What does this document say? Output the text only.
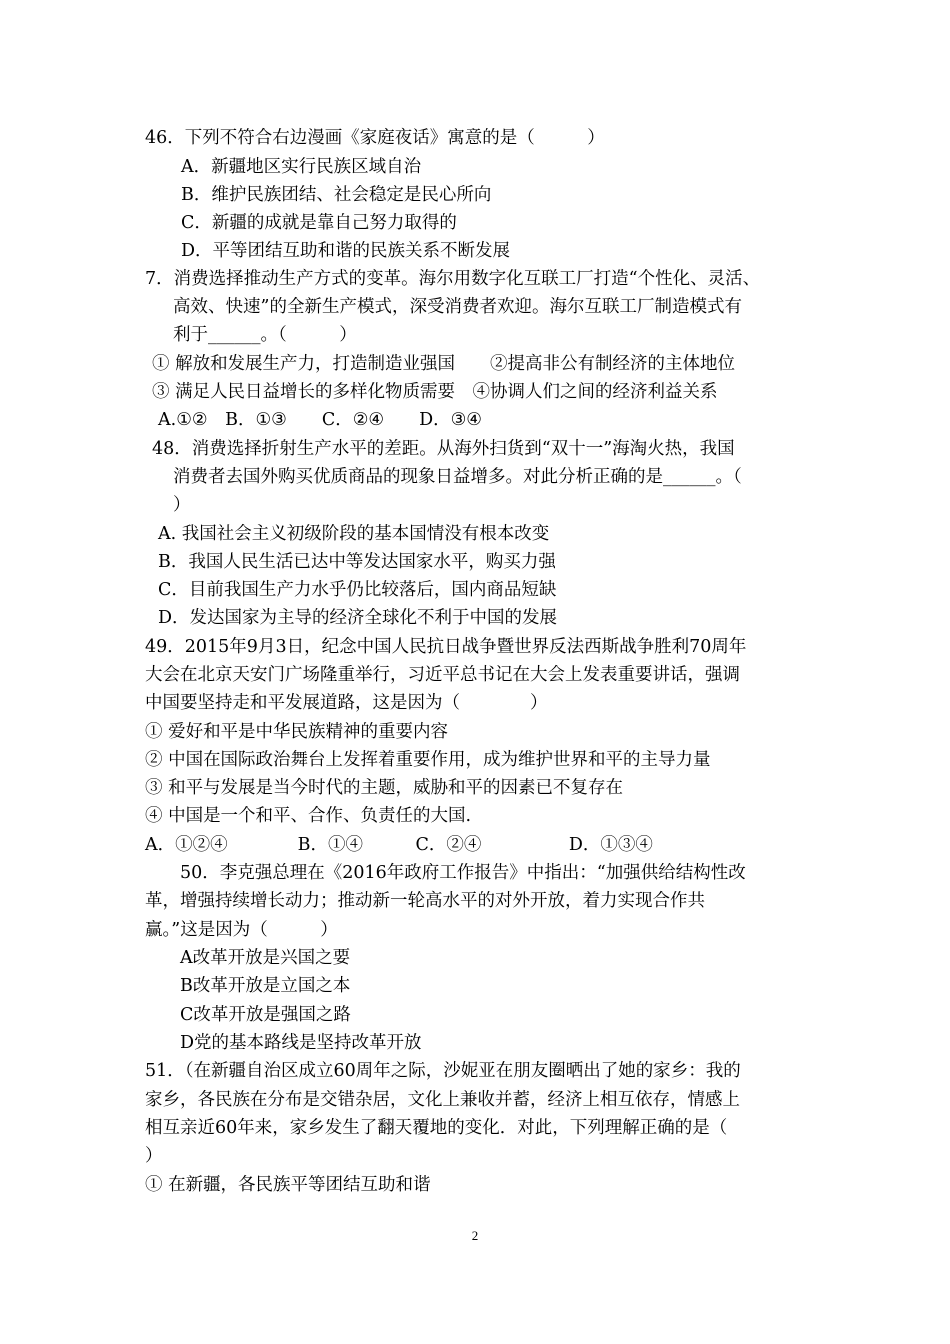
46．下列不符合右边漫画《家庭夜话》寓意的是（　　　）
A．新疆地区实行民族区域自治
B．维护民族团结、社会稳定是民心所向
C．新疆的成就是靠自己努力取得的
D．平等团结互助和谐的民族关系不断发展
7．消费选择推动生产方式的变革。海尔用数字化互联工厂打造“个性化、灵活、
高效、快速”的全新生产模式，深受消费者欢迎。海尔互联工厂制造模式有
利于______。（　　　）
① 解放和发展生产力，打造制造业强国　　②提高非公有制经济的主体地位
③ 满足人民日益增长的多样化物质需要　④协调人们之间的经济利益关系
A.①②　B．①③　　C．②④　　D．③④
48．消费选择折射生产水平的差距。从海外扫货到“双十一”海淘火热，我国
消费者去国外购买优质商品的现象日益增多。对此分析正确的是______。（
）
A. 我国社会主义初级阶段的基本国情没有根本改变
B．我国人民生活已达中等发达国家水平，购买力强
C．目前我国生产力水乎仍比较落后，国内商品短缺
D．发达国家为主导的经济全球化不利于中国的发展
49．2015年9月3日，纪念中国人民抗日战争暨世界反法西斯战争胜利70周年
大会在北京天安门广场隆重举行，习近平总书记在大会上发表重要讲话，强调
中国要坚持走和平发展道路，这是因为（　　　　）
① 爱好和平是中华民族精神的重要内容
② 中国在国际政治舞台上发挥着重要作用，成为维护世界和平的主导力量
③ 和平与发展是当今时代的主题，威胁和平的因素已不复存在
④ 中国是一个和平、合作、负责任的大国.
A．①②④　　　　B．①④　　　C．②④　　　　　D．①③④
50．李克强总理在《2016年政府工作报告》中指出：“加强供给结构性改
革，增强持续增长动力；推动新一轮高水平的对外开放，着力实现合作共
赢。”这是因为（　　　）
A改革开放是兴国之要
B改革开放是立国之本
C改革开放是强国之路
D党的基本路线是坚持改革开放
51．（在新疆自治区成立60周年之际，沙妮亚在朋友圈晒出了她的家乡：我的
家乡，各民族在分布是交错杂居，文化上兼收并蓄，经济上相互依存，情感上
相互亲近60年来，家乡发生了翻天覆地的变化．对此，下列理解正确的是（
）
① 在新疆，各民族平等团结互助和谐
2
